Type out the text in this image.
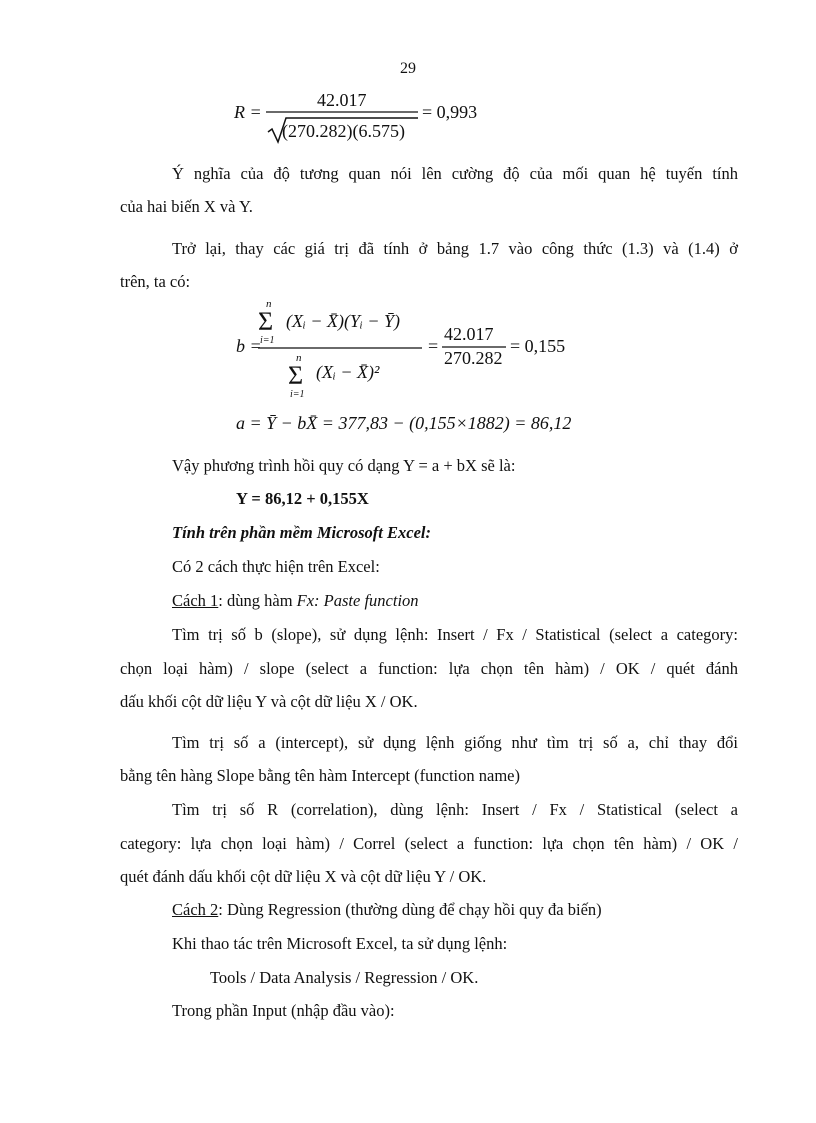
29
R =
42.017
(270.282)(6.575)
= 0,993
Ý nghĩa của độ tương quan nói lên cường độ của mối quan hệ tuyến tính
của hai biến X và Y.
Trở lại, thay các giá trị đã tính ở bảng 1.7 vào công thức (1.3) và (1.4) ở
trên, ta có:
b =
n
Σ
i=1
(Xᵢ − X̄)(Yᵢ − Ȳ)
n
Σ
i=1
(Xᵢ − X̄)²
=
42.017
270.282
= 0,155
a = Ȳ − bX̄ = 377,83 − (0,155×1882) = 86,12
Vậy phương trình hồi quy có dạng Y = a + bX sẽ là:
Y = 86,12 + 0,155X
Tính trên phần mềm Microsoft Excel:
Có 2 cách thực hiện trên Excel:
Cách 1: dùng hàm Fx: Paste function
Tìm trị số b (slope), sử dụng lệnh: Insert / Fx / Statistical (select a category:
chọn loại hàm) / slope (select a function: lựa chọn tên hàm) / OK / quét đánh
dấu khối cột dữ liệu Y và cột dữ liệu X / OK.
Tìm trị số a (intercept), sử dụng lệnh giống như tìm trị số a, chỉ thay đổi
bằng tên hàng Slope bằng tên hàm Intercept (function name)
Tìm trị số R (correlation), dùng lệnh: Insert / Fx / Statistical (select a
category: lựa chọn loại hàm) / Correl (select a function: lựa chọn tên hàm) / OK /
quét đánh dấu khối cột dữ liệu X và cột dữ liệu Y / OK.
Cách 2: Dùng Regression (thường dùng để chạy hồi quy đa biến)
Khi thao tác trên Microsoft Excel, ta sử dụng lệnh:
Tools / Data Analysis / Regression / OK.
Trong phần Input (nhập đầu vào):
